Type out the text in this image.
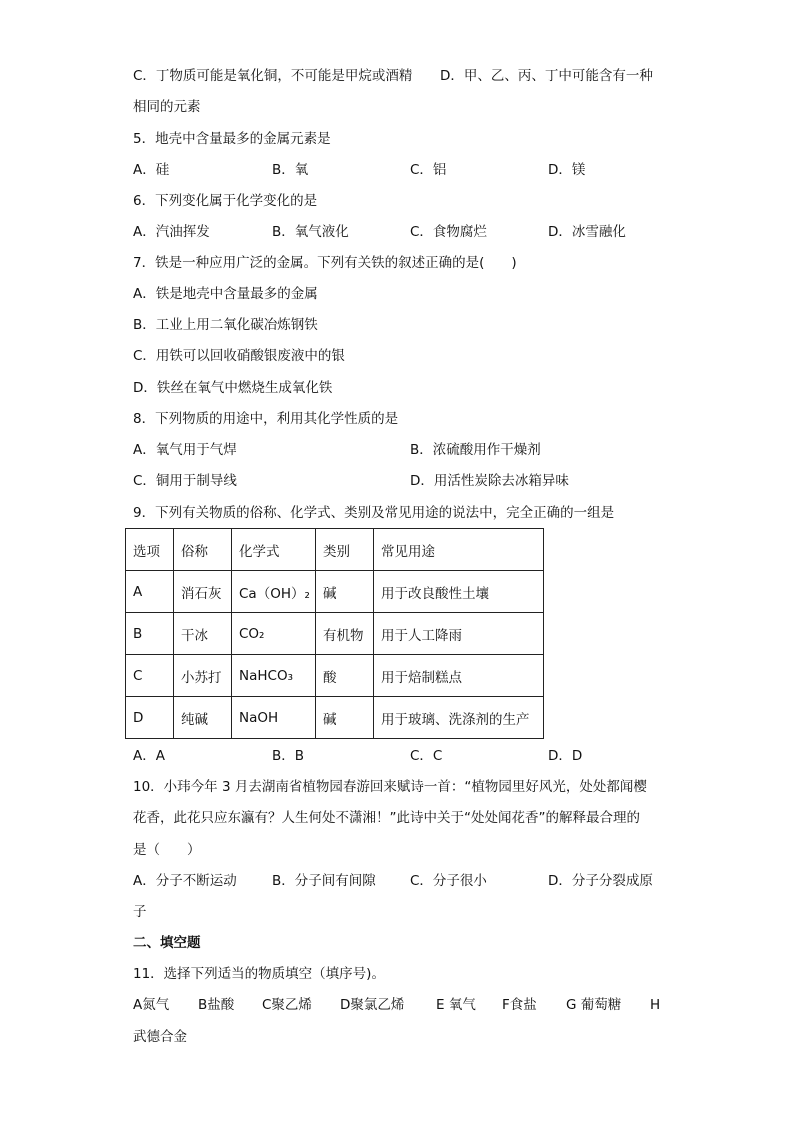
C．丁物质可能是氧化铜，不可能是甲烷或酒精 D．甲、乙、丙、丁中可能含有一种
相同的元素
5．地壳中含量最多的金属元素是
A．硅	B．氧	C．铝	D．镁
6．下列变化属于化学变化的是
A．汽油挥发	B．氧气液化	C．食物腐烂	D．冰雪融化
7．铁是一种应用广泛的金属。下列有关铁的叙述正确的是(　　)
A．铁是地壳中含量最多的金属
B．工业上用二氧化碳冶炼钢铁
C．用铁可以回收硝酸银废液中的银
D．铁丝在氧气中燃烧生成氧化铁
8．下列物质的用途中，利用其化学性质的是
A．氧气用于气焊	B．浓硫酸用作干燥剂
C．铜用于制导线	D．用活性炭除去冰箱异味
9．下列有关物质的俗称、化学式、类别及常见用途的说法中，完全正确的一组是
选项	俗称	化学式	类别	常见用途
A	消石灰	Ca（OH）₂	碱	用于改良酸性土壤
B	干冰	CO₂	有机物	用于人工降雨
C	小苏打	NaHCO₃	酸	用于焙制糕点
D	纯碱	NaOH	碱	用于玻璃、洗涤剂的生产
A．A	B．B	C．C	D．D
10．小玮今年 3 月去湖南省植物园春游回来赋诗一首：“植物园里好风光，处处都闻樱
花香，此花只应东瀛有？人生何处不潇湘！”此诗中关于“处处闻花香”的解释最合理的
是（　　）
A．分子不断运动	B．分子间有间隙	C．分子很小	D．分子分裂成原
子
二、填空题
11．选择下列适当的物质填空（填序号)。
A氮气 B盐酸 C聚乙烯 D聚氯乙烯 E 氧气 F食盐 G 葡萄糖 H
武德合金
